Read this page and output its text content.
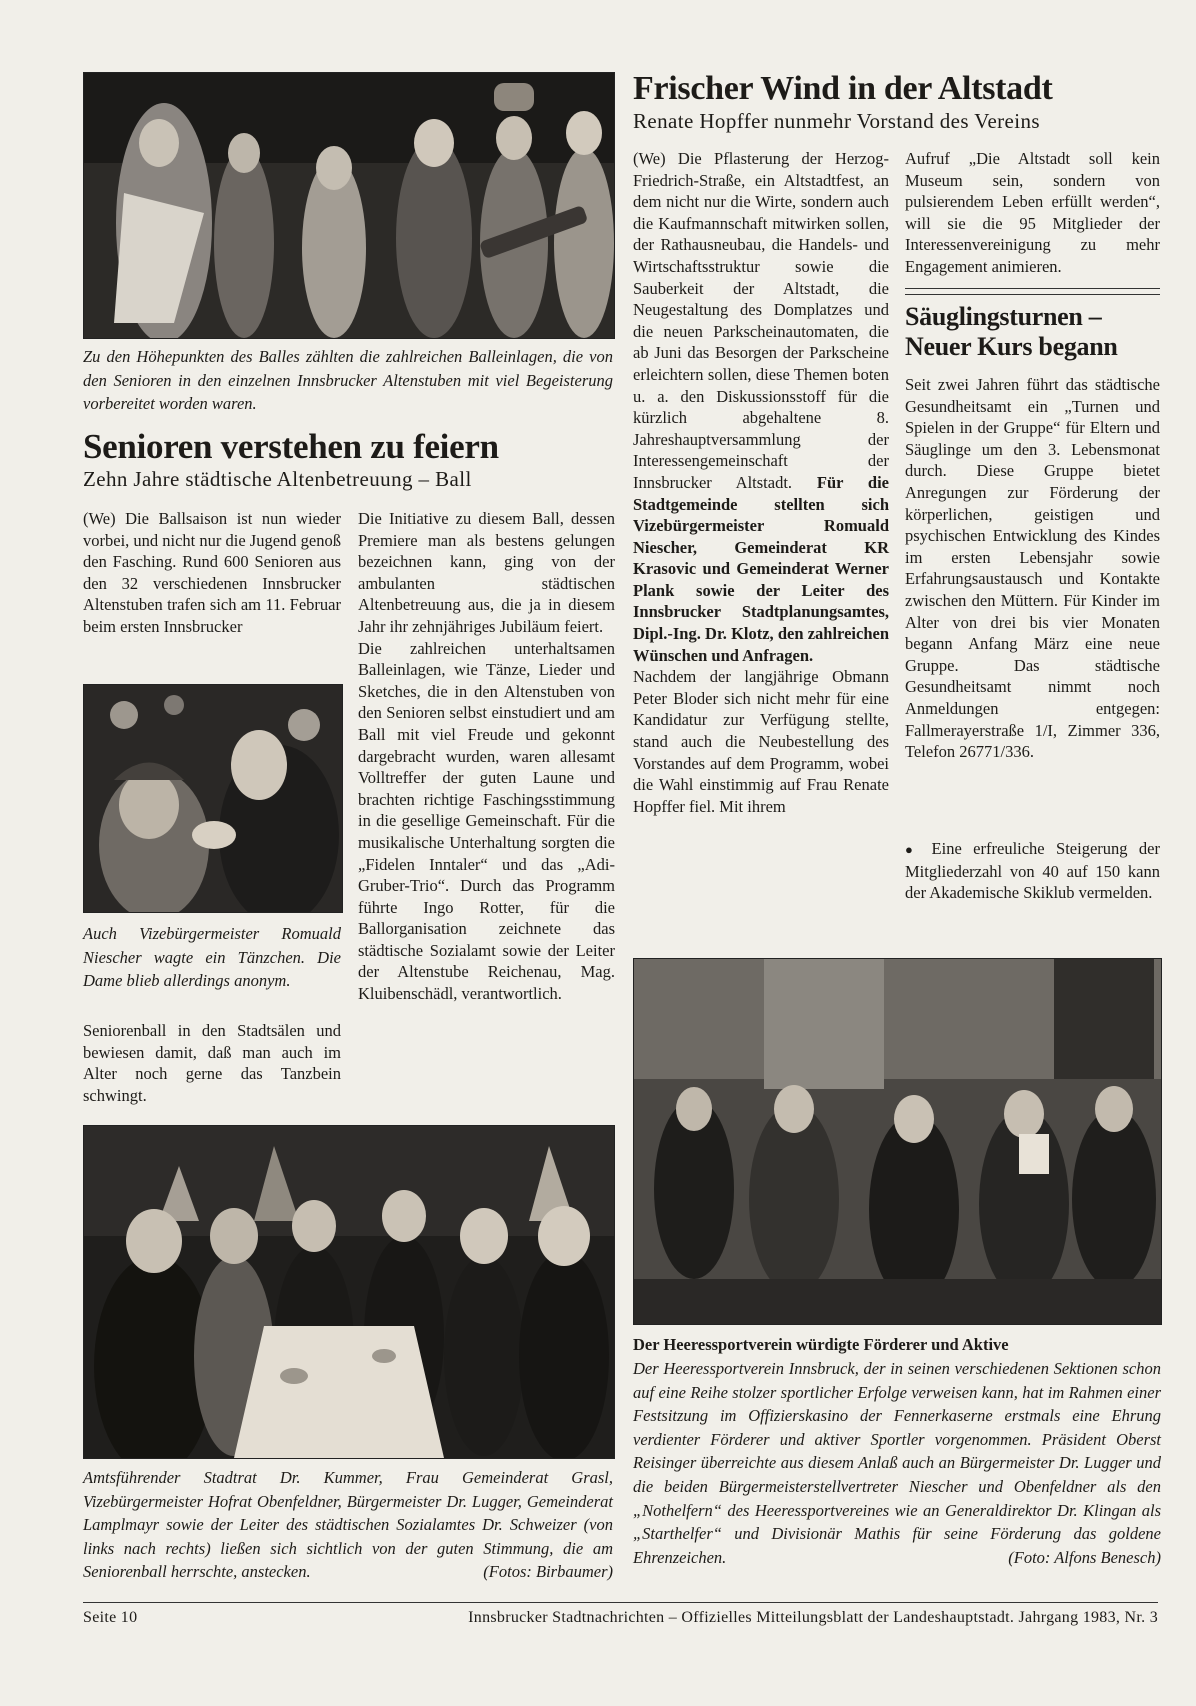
Zu den Höhepunkten des Balles zählten die zahlreichen Balleinlagen, die von den Senioren in den einzelnen Innsbrucker Altenstuben mit viel Begeisterung vorbereitet worden waren.
Senioren verstehen zu feiern
Zehn Jahre städtische Altenbetreuung – Ball

(We) Die Ballsaison ist nun wieder vorbei, und nicht nur die Jugend genoß den Fasching. Rund 600 Senioren aus den 32 verschiedenen Innsbrucker Altenstuben trafen sich am 11. Februar beim ersten Innsbrucker

Auch Vizebürgermeister Romuald Niescher wagte ein Tänzchen. Die Dame blieb allerdings anonym.

Seniorenball in den Stadtsälen und bewiesen damit, daß man auch im Alter noch gerne das Tanzbein schwingt.

Die Initiative zu diesem Ball, dessen Premiere man als bestens gelungen bezeichnen kann, ging von der ambulanten städtischen Altenbetreuung aus, die ja in diesem Jahr ihr zehnjähriges Jubiläum feiert.

Die zahlreichen unterhaltsamen Balleinlagen, wie Tänze, Lieder und Sketches, die in den Altenstuben von den Senioren selbst einstudiert und am Ball mit viel Freude und gekonnt dargebracht wurden, waren allesamt Volltreffer der guten Laune und brachten richtige Faschingsstimmung in die gesellige Gemeinschaft. Für die musikalische Unterhaltung sorgten die „Fidelen Inntaler“ und das „Adi-Gruber-Trio“. Durch das Programm führte Ingo Rotter, für die Ballorganisation zeichnete das städtische Sozialamt sowie der Leiter der Altenstube Reichenau, Mag. Kluibenschädl, verantwortlich.

Frischer Wind in der Altstadt
Renate Hopffer nunmehr Vorstand des Vereins

(We) Die Pflasterung der Herzog-Friedrich-Straße, ein Altstadtfest, an dem nicht nur die Wirte, sondern auch die Kaufmannschaft mitwirken sollen, der Rathausneubau, die Handels- und Wirtschaftsstruktur sowie die Sauberkeit der Altstadt, die Neugestaltung des Domplatzes und die neuen Parkscheinautomaten, die ab Juni das Besorgen der Parkscheine erleichtern sollen, diese Themen boten u. a. den Diskussionsstoff für die kürzlich abgehaltene 8. Jahreshauptversammlung der Interessengemeinschaft der Innsbrucker Altstadt. Für die Stadtgemeinde stellten sich Vizebürgermeister Romuald Niescher, Gemeinderat KR Krasovic und Gemeinderat Werner Plank sowie der Leiter des Innsbrucker Stadtplanungsamtes, Dipl.-Ing. Dr. Klotz, den zahlreichen Wünschen und Anfragen.

Nachdem der langjährige Obmann Peter Bloder sich nicht mehr für eine Kandidatur zur Verfügung stellte, stand auch die Neubestellung des Vorstandes auf dem Programm, wobei die Wahl einstimmig auf Frau Renate Hopffer fiel. Mit ihrem

Aufruf „Die Altstadt soll kein Museum sein, sondern von pulsierendem Leben erfüllt werden“, will sie die 95 Mitglieder der Interessenvereinigung zu mehr Engagement animieren.

Säuglingsturnen – Neuer Kurs begann

Seit zwei Jahren führt das städtische Gesundheitsamt ein „Turnen und Spielen in der Gruppe“ für Eltern und Säuglinge um den 3. Lebensmonat durch. Diese Gruppe bietet Anregungen zur Förderung der körperlichen, geistigen und psychischen Entwicklung des Kindes im ersten Lebensjahr sowie Erfahrungsaustausch und Kontakte zwischen den Müttern. Für Kinder im Alter von drei bis vier Monaten begann Anfang März eine neue Gruppe. Das städtische Gesundheitsamt nimmt noch Anmeldungen entgegen: Fallmerayerstraße 1/I, Zimmer 336, Telefon 26771/336.

● Eine erfreuliche Steigerung der Mitgliederzahl von 40 auf 150 kann der Akademische Skiklub vermelden.

Amtsführender Stadtrat Dr. Kummer, Frau Gemeinderat Grasl, Vizebürgermeister Hofrat Obenfeldner, Bürgermeister Dr. Lugger, Gemeinderat Lamplmayr sowie der Leiter des städtischen Sozialamtes Dr. Schweizer (von links nach rechts) ließen sich sichtlich von der guten Stimmung, die am Seniorenball herrschte, anstecken.	(Fotos: Birbaumer)
Der Heeressportverein würdigte Förderer und Aktive
Der Heeressportverein Innsbruck, der in seinen verschiedenen Sektionen schon auf eine Reihe stolzer sportlicher Erfolge verweisen kann, hat im Rahmen einer Festsitzung im Offizierskasino der Fennerkaserne erstmals eine Ehrung verdienter Förderer und aktiver Sportler vorgenommen. Präsident Oberst Reisinger überreichte aus diesem Anlaß auch an Bürgermeister Dr. Lugger und die beiden Bürgermeisterstellvertreter Niescher und Obenfeldner als den „Nothelfern“ des Heeressportvereines wie an Generaldirektor Dr. Klingan als „Starthelfer“ und Divisionär Mathis für seine Förderung das goldene Ehrenzeichen.	(Foto: Alfons Benesch)
Seite 10	Innsbrucker Stadtnachrichten – Offizielles Mitteilungsblatt der Landeshauptstadt. Jahrgang 1983, Nr. 3
